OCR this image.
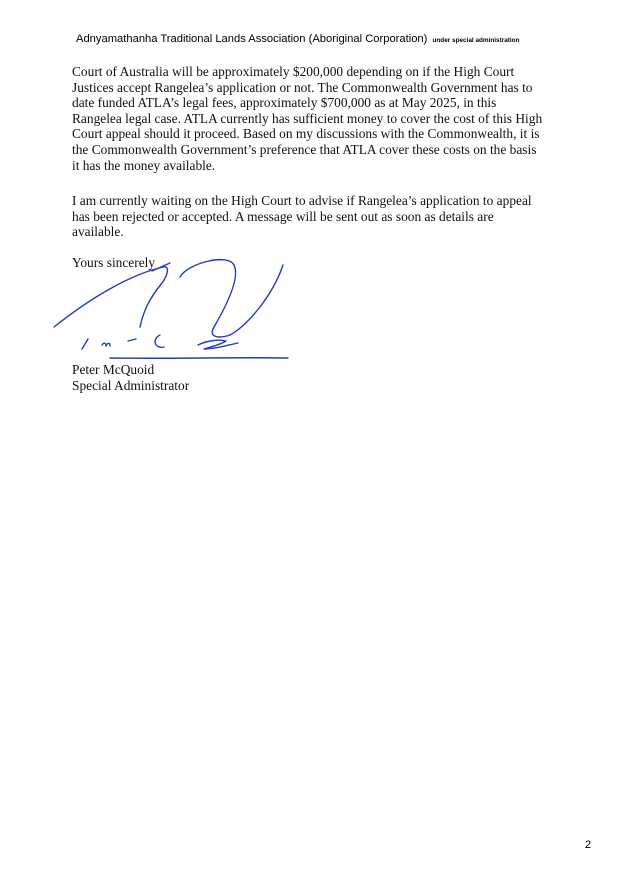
Adnyamathanha Traditional Lands Association (Aboriginal Corporation) under special administration
Court of Australia will be approximately $200,000 depending on if the High Court
Justices accept Rangelea’s application or not. The Commonwealth Government has to
date funded ATLA’s legal fees, approximately $700,000 as at May 2025, in this
Rangelea legal case. ATLA currently has sufficient money to cover the cost of this High
Court appeal should it proceed. Based on my discussions with the Commonwealth, it is
the Commonwealth Government’s preference that ATLA cover these costs on the basis
it has the money available.
I am currently waiting on the High Court to advise if Rangelea’s application to appeal
has been rejected or accepted. A message will be sent out as soon as details are
available.
Yours sincerely
Peter McQuoid
Special Administrator
2
